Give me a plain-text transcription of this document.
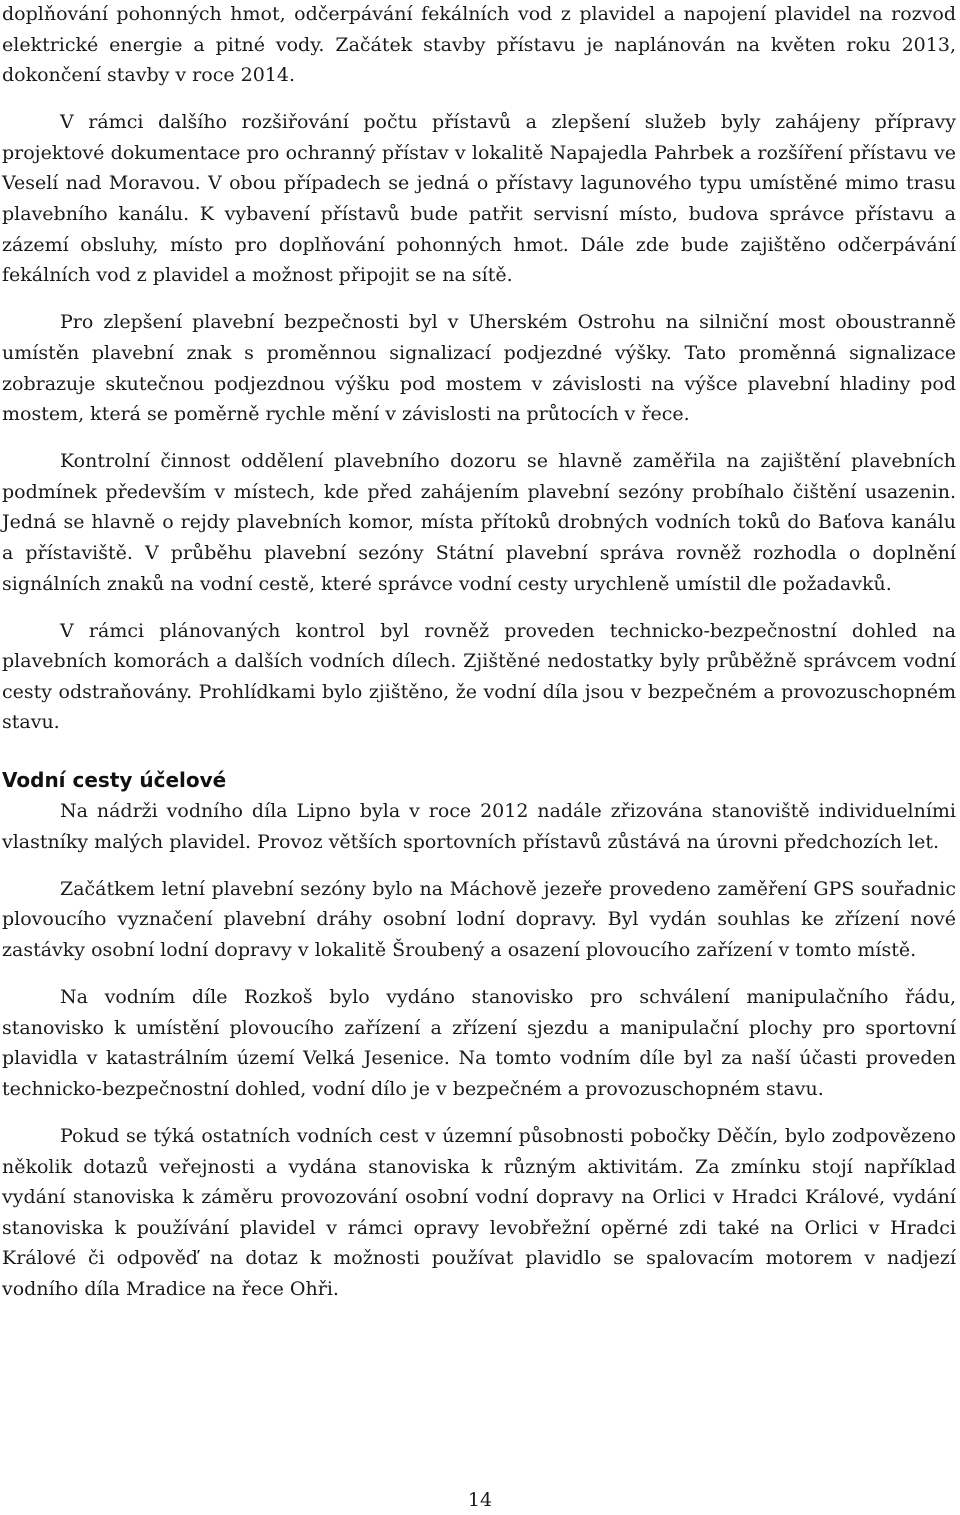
doplňování pohonných hmot, odčerpávání fekálních vod z plavidel a napojení plavidel na rozvod elektrické energie a pitné vody. Začátek stavby přístavu je naplánován na květen roku 2013, dokončení stavby v roce 2014.

V rámci dalšího rozšiřování počtu přístavů a zlepšení služeb byly zahájeny přípravy projektové dokumentace pro ochranný přístav v lokalitě Napajedla Pahrbek a rozšíření přístavu ve Veselí nad Moravou. V obou případech se jedná o přístavy lagunového typu umístěné mimo trasu plavebního kanálu. K vybavení přístavů bude patřit servisní místo, budova správce přístavu a zázemí obsluhy, místo pro doplňování pohonných hmot. Dále zde bude zajištěno odčerpávání fekálních vod z plavidel a možnost připojit se na sítě.

Pro zlepšení plavební bezpečnosti byl v Uherském Ostrohu na silniční most oboustranně umístěn plavební znak s proměnnou signalizací podjezdné výšky. Tato proměnná signalizace zobrazuje skutečnou podjezdnou výšku pod mostem v závislosti na výšce plavební hladiny pod mostem, která se poměrně rychle mění v závislosti na průtocích v řece.

Kontrolní činnost oddělení plavebního dozoru se hlavně zaměřila na zajištění plavebních podmínek především v místech, kde před zahájením plavební sezóny probíhalo čištění usazenin. Jedná se hlavně o rejdy plavebních komor, místa přítoků drobných vodních toků do Baťova kanálu a přístaviště. V průběhu plavební sezóny Státní plavební správa rovněž rozhodla o doplnění signálních znaků na vodní cestě, které správce vodní cesty urychleně umístil dle požadavků.

V rámci plánovaných kontrol byl rovněž proveden technicko-bezpečnostní dohled na plavebních komorách a dalších vodních dílech. Zjištěné nedostatky byly průběžně správcem vodní cesty odstraňovány. Prohlídkami bylo zjištěno, že vodní díla jsou v bezpečném a provozuschopném stavu.

Vodní cesty účelové

Na nádrži vodního díla Lipno byla v roce 2012 nadále zřizována stanoviště individuelními vlastníky malých plavidel. Provoz větších sportovních přístavů zůstává na úrovni předchozích let.

Začátkem letní plavební sezóny bylo na Máchově jezeře provedeno zaměření GPS souřadnic plovoucího vyznačení plavební dráhy osobní lodní dopravy. Byl vydán souhlas ke zřízení nové zastávky osobní lodní dopravy v lokalitě Šroubený a osazení plovoucího zařízení v tomto místě.

Na vodním díle Rozkoš bylo vydáno stanovisko pro schválení manipulačního řádu, stanovisko k umístění plovoucího zařízení a zřízení sjezdu a manipulační plochy pro sportovní plavidla v katastrálním území Velká Jesenice. Na tomto vodním díle byl za naší účasti proveden technicko-bezpečnostní dohled, vodní dílo je v bezpečném a provozuschopném stavu.

Pokud se týká ostatních vodních cest v územní působnosti pobočky Děčín, bylo zodpovězeno několik dotazů veřejnosti a vydána stanoviska k různým aktivitám. Za zmínku stojí například vydání stanoviska k záměru provozování osobní vodní dopravy na Orlici v Hradci Králové, vydání stanoviska k používání plavidel v rámci opravy levobřežní opěrné zdi také na Orlici v Hradci Králové či odpověď na dotaz k možnosti používat plavidlo se spalovacím motorem v nadjezí vodního díla Mradice na řece Ohři.

14
